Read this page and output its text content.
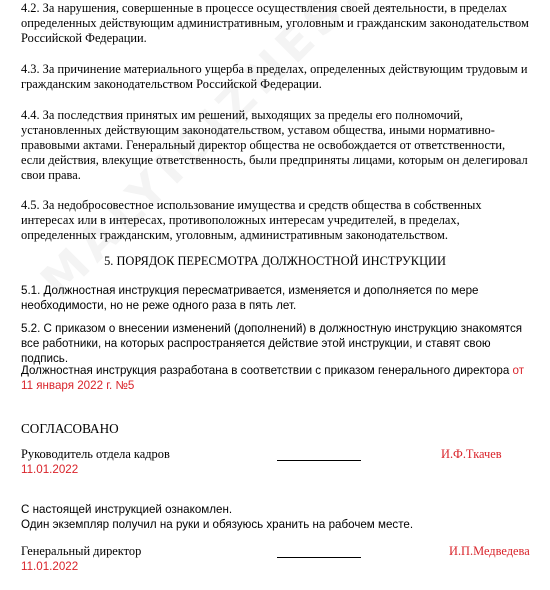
4.2. За нарушения, совершенные в процессе осуществления своей деятельности, в пределах определенных действующим административным, уголовным и гражданским законодательством Российской Федерации.

4.3. За причинение материального ущерба в пределах, определенных действующим трудовым и гражданским законодательством Российской Федерации.

4.4. За последствия принятых им решений, выходящих за пределы его полномочий, установленных действующим законодательством, уставом общества, иными нормативно-правовыми актами. Генеральный директор общества не освобождается от ответственности, если действия, влекущие ответственность, были предприняты лицами, которым он делегировал свои права.

4.5. За недобросовестное использование имущества и средств общества в собственных интересах или в интересах, противоположных интересам учредителей, в пределах, определенных гражданским, уголовным, административным законодательством.

5. ПОРЯДОК ПЕРЕСМОТРА ДОЛЖНОСТНОЙ ИНСТРУКЦИИ

5.1. Должностная инструкция пересматривается, изменяется и дополняется по мере необходимости, но не реже одного раза в пять лет.

5.2. С приказом о внесении изменений (дополнений) в должностную инструкцию знакомятся все работники, на которых распространяется действие этой инструкции, и ставят свою подпись.

Должностная инструкция разработана в соответствии с приказом генерального директора от 11 января 2022 г. №5

СОГЛАСОВАНО
Руководитель отдела кадров
11.01.2022
И.Ф.Ткачев
С настоящей инструкцией ознакомлен.
Один экземпляр получил на руки и обязуюсь хранить на рабочем месте.
Генеральный директор
11.01.2022
И.П.Медведева
